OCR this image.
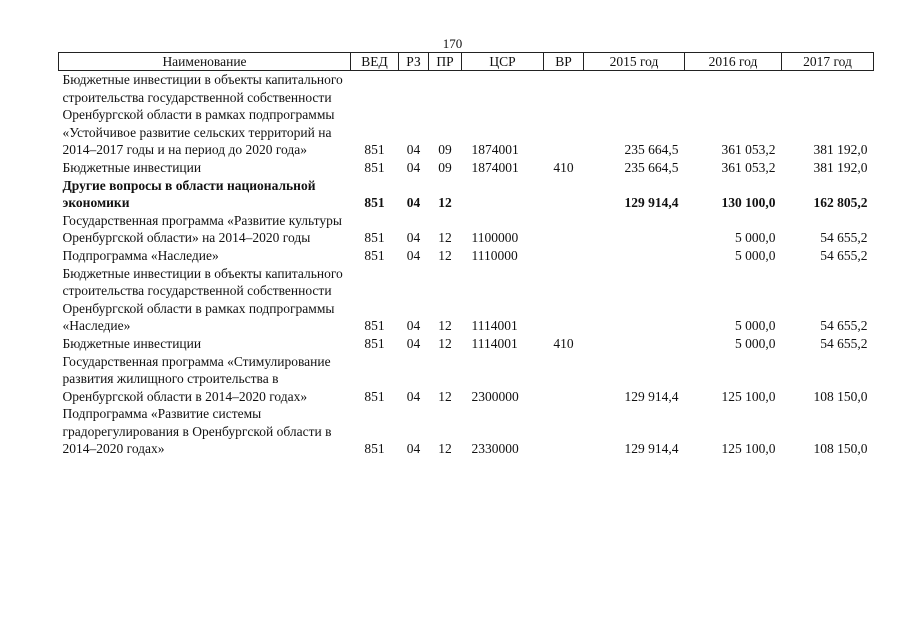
170
Наименование	ВЕД	РЗ	ПР	ЦСР	ВР	2015 год	2016 год	2017 год
Бюджетные инвестиции в объекты капитального строительства государственной собственности Оренбургской области в рамках подпрограммы «Устойчивое развитие сельских территорий на 2014–2017 годы и на период до 2020 года»	851	04	09	1874001		235 664,5	361 053,2	381 192,0
Бюджетные инвестиции	851	04	09	1874001	410	235 664,5	361 053,2	381 192,0
Другие вопросы в области национальной экономики	851	04	12			129 914,4	130 100,0	162 805,2
Государственная программа «Развитие культуры Оренбургской области» на 2014–2020 годы	851	04	12	1100000			5 000,0	54 655,2
Подпрограмма «Наследие»	851	04	12	1110000			5 000,0	54 655,2
Бюджетные инвестиции в объекты капитального строительства государственной собственности Оренбургской области в рамках подпрограммы «Наследие»	851	04	12	1114001			5 000,0	54 655,2
Бюджетные инвестиции	851	04	12	1114001	410		5 000,0	54 655,2
Государственная программа «Стимулирование развития жилищного строительства в Оренбургской области в 2014–2020 годах»	851	04	12	2300000		129 914,4	125 100,0	108 150,0
Подпрограмма «Развитие системы градорегулирования в Оренбургской области в 2014–2020 годах»	851	04	12	2330000		129 914,4	125 100,0	108 150,0
